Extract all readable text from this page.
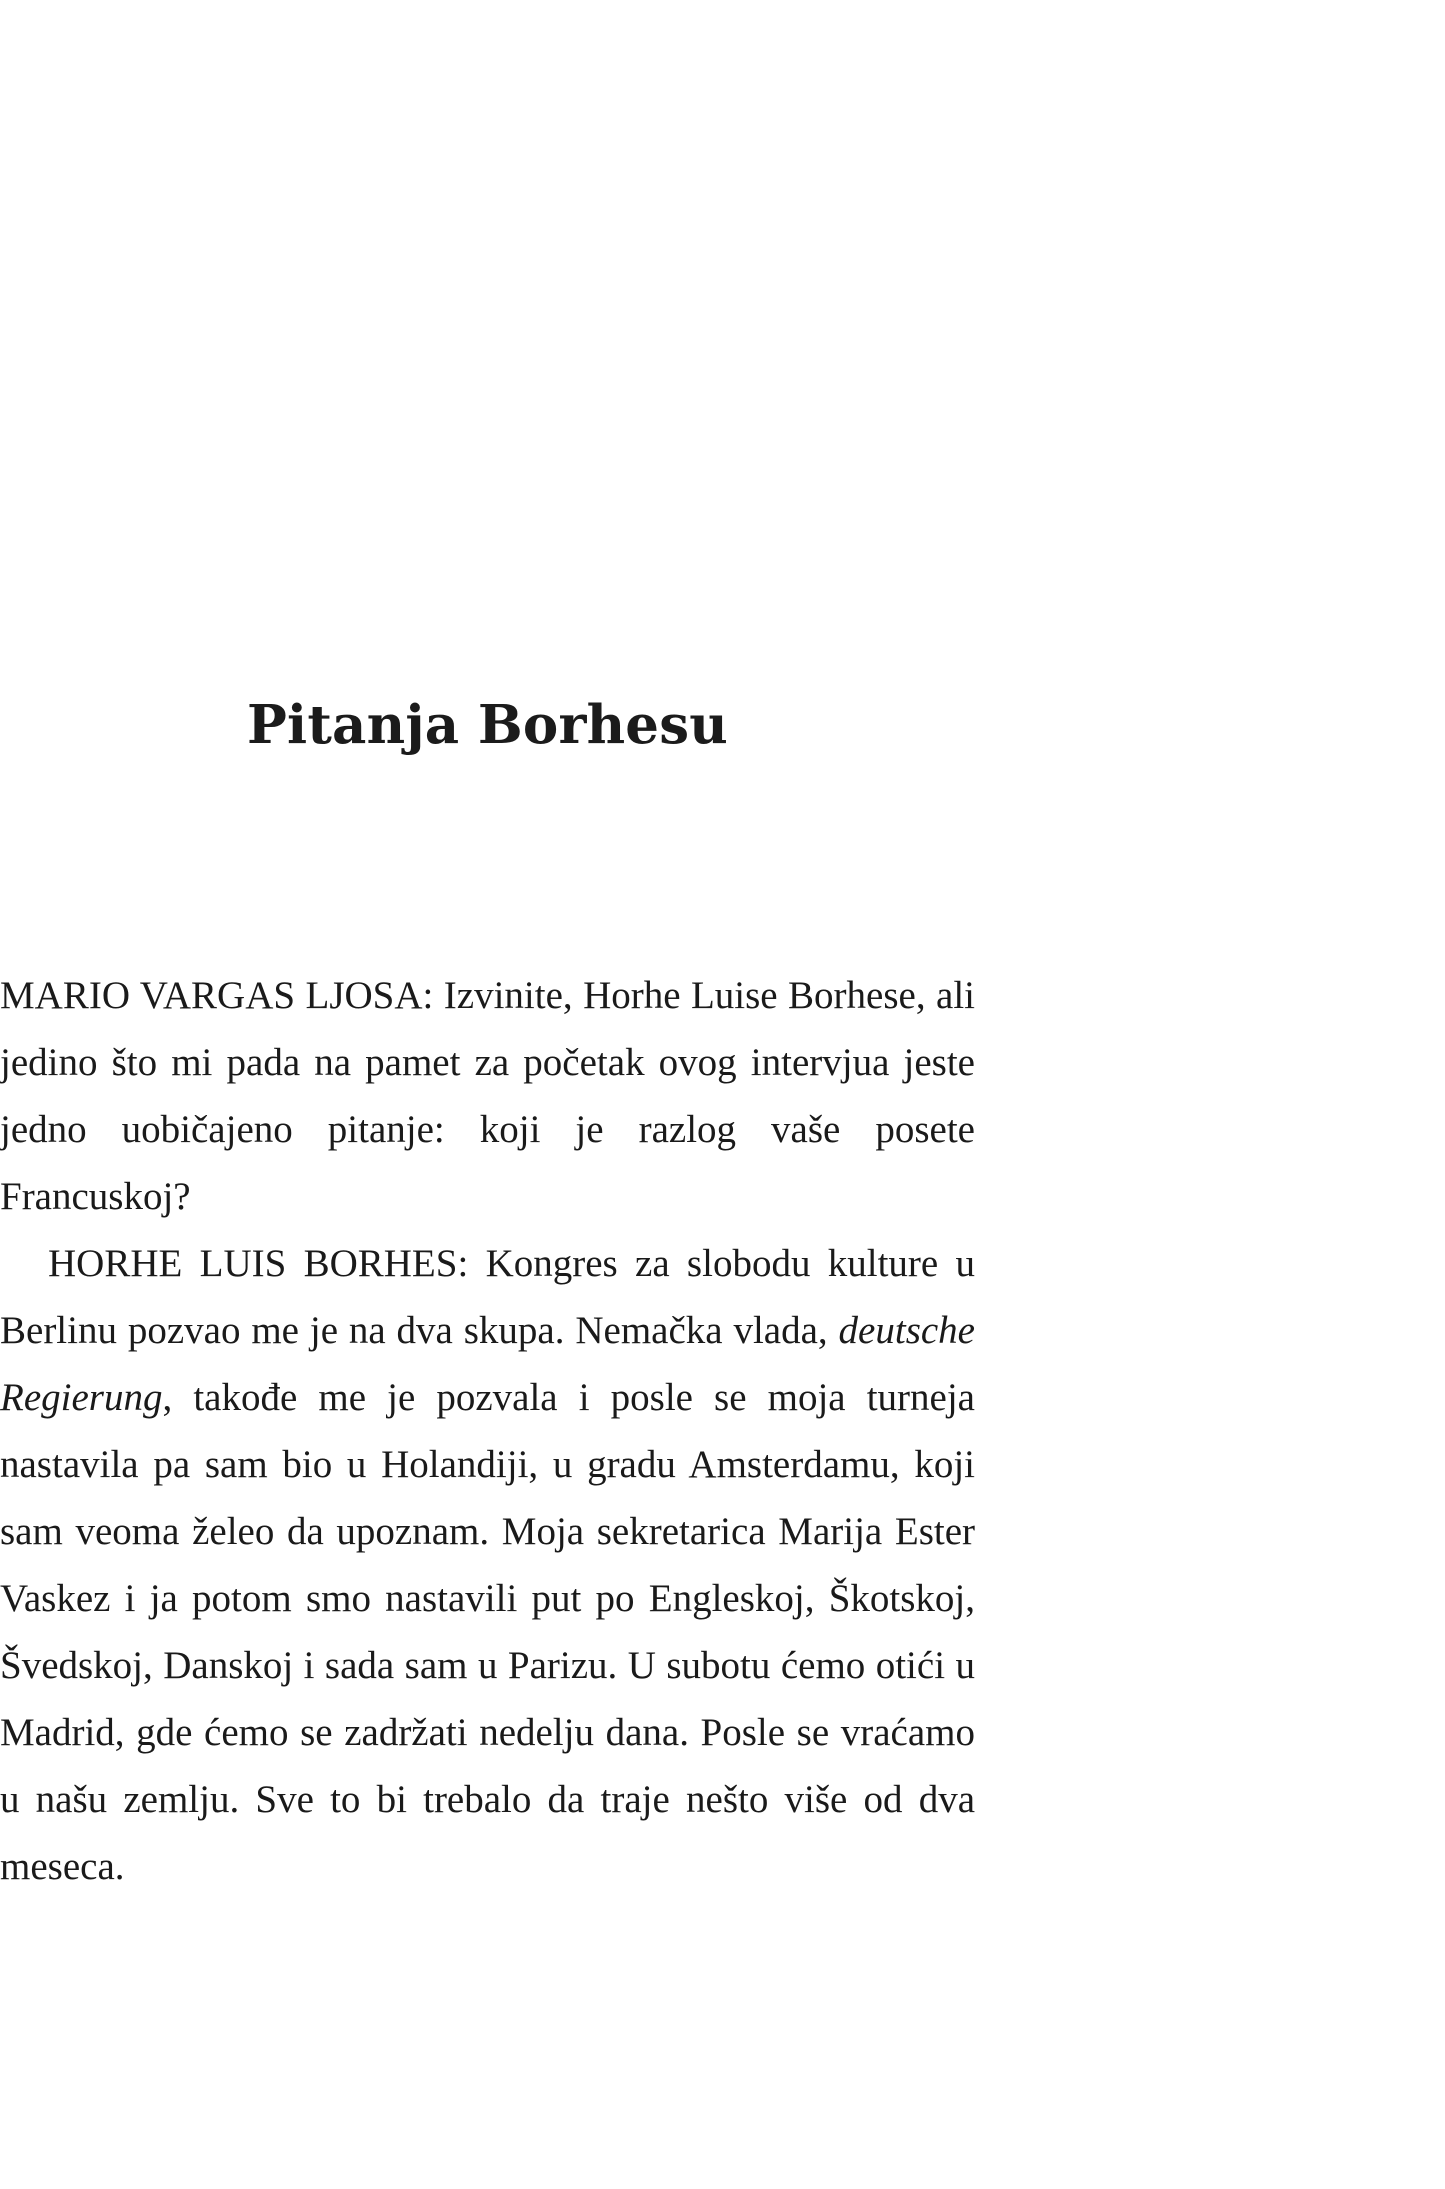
Pitanja Borhesu

MARIO VARGAS LJOSA: Izvinite, Horhe Luise Borhese, ali jedino što mi pada na pamet za početak ovog intervjua jeste jedno uobičajeno pitanje: koji je razlog vaše posete Francuskoj?

HORHE LUIS BORHES: Kongres za slobodu kulture u Berlinu pozvao me je na dva skupa. Nemačka vlada, deutsche Regierung, takođe me je pozvala i posle se moja turneja nastavila pa sam bio u Holandiji, u gradu Amsterdamu, koji sam veoma želeo da upoznam. Moja sekretarica Marija Ester Vaskez i ja potom smo nastavili put po Engleskoj, Škotskoj, Švedskoj, Danskoj i sada sam u Parizu. U subotu ćemo otići u Madrid, gde ćemo se zadržati nedelju dana. Posle se vraćamo u našu zemlju. Sve to bi trebalo da traje nešto više od dva meseca.
